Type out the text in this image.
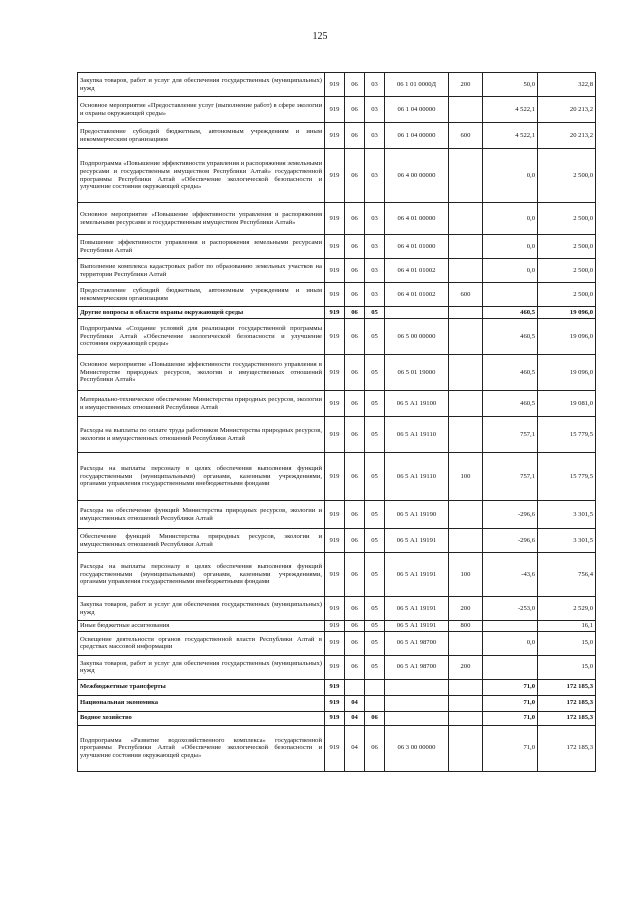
125
Закупка товаров, работ и услуг для обеспечения государственных (муниципальных) нужд	919	06	03	06 1 01 0000Д	200	50,0	322,8
Основное мероприятие «Предоставление услуг (выполнение работ) в сфере экологии и охраны окружающей среды»	919	06	03	06 1 04 00000		4 522,1	20 213,2
Предоставление субсидий бюджетным, автономным учреждениям и иным некоммерческим организациям	919	06	03	06 1 04 00000	600	4 522,1	20 213,2
Подпрограмма «Повышение эффективности управления и распоряжения земельными ресурсами и государственным имуществом Республики Алтай» государственной программы Республики Алтай «Обеспечение экологической безопасности и улучшение состояния окружающей среды»	919	06	03	06 4 00 00000		0,0	2 500,0
Основное мероприятие «Повышение эффективности управления и распоряжения земельными ресурсами и государственным имуществом Республики Алтай»	919	06	03	06 4 01 00000		0,0	2 500,0
Повышение эффективности управления и распоряжения земельными ресурсами Республики Алтай	919	06	03	06 4 01 01000		0,0	2 500,0
Выполнение комплекса кадастровых работ по образованию земельных участков на территории Республики Алтай	919	06	03	06 4 01 01002		0,0	2 500,0
Предоставление субсидий бюджетным, автономным учреждениям и иным некоммерческим организациям	919	06	03	06 4 01 01002	600		2 500,0
Другие вопросы в области охраны окружающей среды	919	06	05			460,5	19 096,0
Подпрограмма «Создание условий для реализации государственной программы Республики Алтай «Обеспечение экологической безопасности и улучшение состояния окружающей среды»	919	06	05	06 5 00 00000		460,5	19 096,0
Основное мероприятие «Повышение эффективности государственного управления в Министерстве природных ресурсов, экологии и имущественных отношений Республики Алтай»	919	06	05	06 5 01 19000		460,5	19 096,0
Материально-техническое обеспечение Министерства природных ресурсов, экологии и имущественных отношений Республики Алтай	919	06	05	06 5 А1 19100		460,5	19 081,0
Расходы на выплаты по оплате труда работников Министерства природных ресурсов, экологии и имущественных отношений Республики Алтай	919	06	05	06 5 А1 19110		757,1	15 779,5
Расходы на выплаты персоналу в целях обеспечения выполнения функций государственными (муниципальными) органами, казенными учреждениями, органами управления государственными внебюджетными фондами	919	06	05	06 5 А1 19110	100	757,1	15 779,5
Расходы на обеспечение функций Министерства природных ресурсов, экологии и имущественных отношений Республики Алтай	919	06	05	06 5 А1 19190		-296,6	3 301,5
Обеспечение функций Министерства природных ресурсов, экологии и имущественных отношений Республики Алтай	919	06	05	06 5 А1 19191		-296,6	3 301,5
Расходы на выплаты персоналу в целях обеспечения выполнения функций государственными (муниципальными) органами, казенными учреждениями, органами управления государственными внебюджетными фондами	919	06	05	06 5 А1 19191	100	-43,6	756,4
Закупка товаров, работ и услуг для обеспечения государственных (муниципальных) нужд	919	06	05	06 5 А1 19191	200	-253,0	2 529,0
Иные бюджетные ассигнования	919	06	05	06 5 А1 19191	800		16,1
Освещение деятельности органов государственной власти Республики Алтай в средствах массовой информации	919	06	05	06 5 А1 98700		0,0	15,0
Закупка товаров, работ и услуг для обеспечения государственных (муниципальных) нужд	919	06	05	06 5 А1 98700	200		15,0
Межбюджетные трансферты	919					71,0	172 185,3
Национальная экономика	919	04				71,0	172 185,3
Водное хозяйство	919	04	06			71,0	172 185,3
Подпрограмма «Развитие водохозяйственного комплекса» государственной программы Республики Алтай «Обеспечение экологической безопасности и улучшение состояния окружающей среды»	919	04	06	06 3 00 00000		71,0	172 185,3
